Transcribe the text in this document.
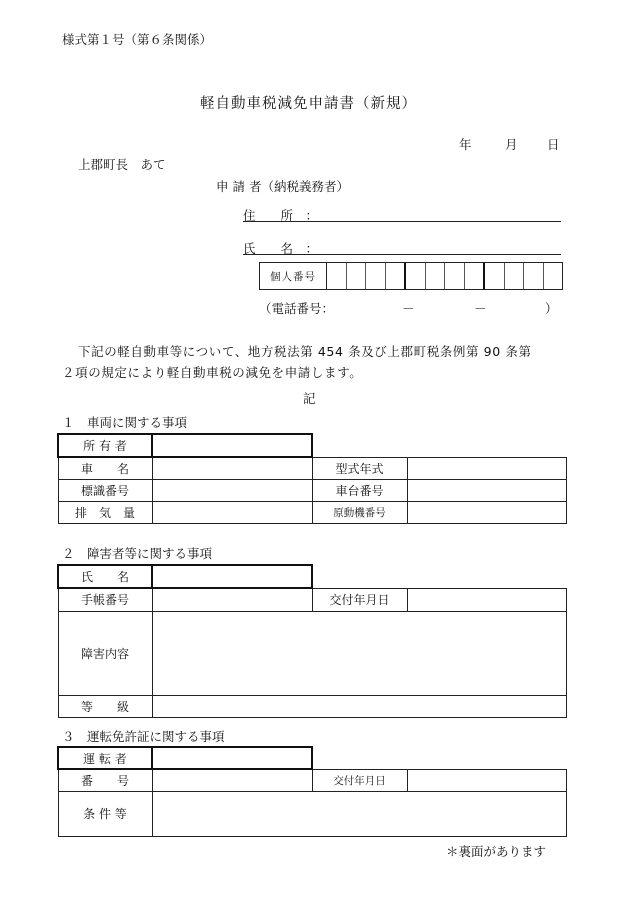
様式第１号（第６条関係）
軽自動車税減免申請書（新規）
年	月 日
上郡町長　あて
申 請 者（納税義務者）
住　　所　：
氏　　名　：
個人番号
（電話番号：	－	－	）
下記の軽自動車等について、地方税法第 454 条及び上郡町税条例第 90 条第
２項の規定により軽自動車税の減免を申請します。
記
１　車両に関する事項
所 有 者			
車　　名		型式年式	
標識番号		車台番号	
排　気　量		原動機番号	
２　障害者等に関する事項
氏　　名			
手帳番号		交付年月日	
障害内容			
等　　級			
３　運転免許証に関する事項
運 転 者			
番　　号		交付年月日	
条 件 等			
＊裏面があります
